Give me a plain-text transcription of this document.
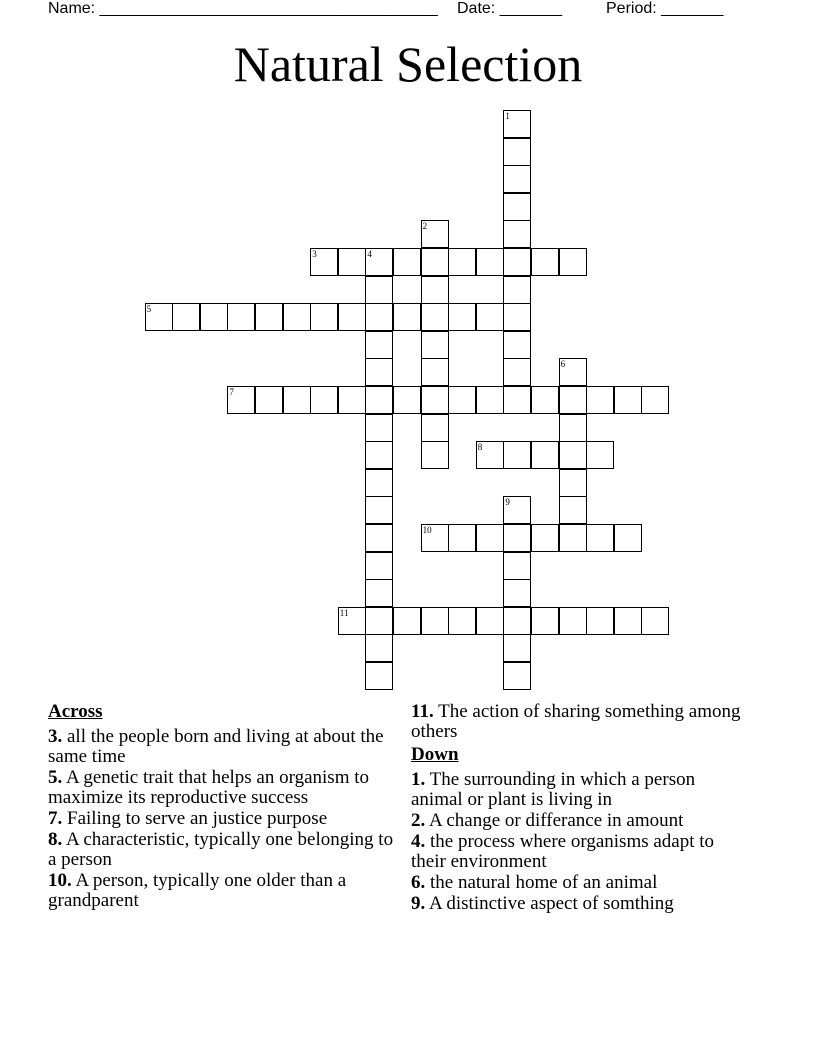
Name: ______________________________________ Date: _______	Period: _______
Natural Selection
1
2
3	4
5
6
7
8
9
10
11
Across
3. all the people born and living at about the same time
5. A genetic trait that helps an organism to maximize its reproductive success
7. Failing to serve an justice purpose
8. A characteristic, typically one belonging to a person
10. A person, typically one older than a grandparent
11. The action of sharing something among others
Down
1. The surrounding in which a person animal or plant is living in
2. A change or differance in amount
4. the process where organisms adapt to their environment
6. the natural home of an animal
9. A distinctive aspect of somthing
